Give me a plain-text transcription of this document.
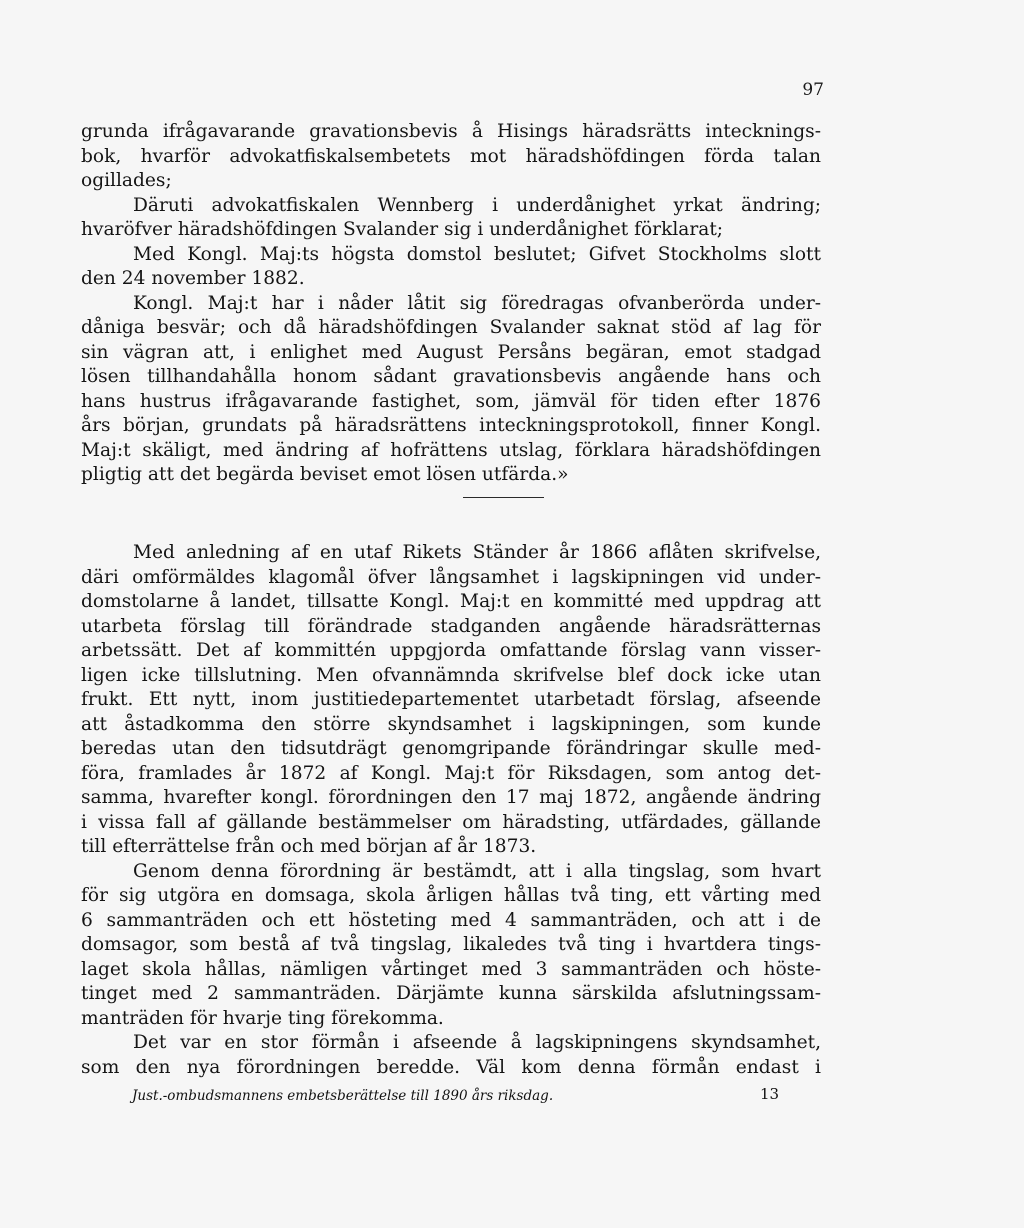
97
grunda ifrågavarande gravationsbevis å Hisings häradsrätts intecknings-
bok, hvarför advokatfiskalsembetets mot häradshöfdingen förda talan
ogillades;
Däruti advokatfiskalen Wennberg i underdånighet yrkat ändring;
hvaröfver häradshöfdingen Svalander sig i underdånighet förklarat;
Med Kongl. Maj:ts högsta domstol beslutet; Gifvet Stockholms slott
den 24 november 1882.
Kongl. Maj:t har i nåder låtit sig föredragas ofvanberörda under-
dåniga besvär; och då häradshöfdingen Svalander saknat stöd af lag för
sin vägran att, i enlighet med August Persåns begäran, emot stadgad
lösen tillhandahålla honom sådant gravationsbevis angående hans och
hans hustrus ifrågavarande fastighet, som, jämväl för tiden efter 1876
års början, grundats på häradsrättens inteckningsprotokoll, finner Kongl.
Maj:t skäligt, med ändring af hofrättens utslag, förklara häradshöfdingen
pligtig att det begärda beviset emot lösen utfärda.»
Med anledning af en utaf Rikets Ständer år 1866 aflåten skrifvelse,
däri omförmäldes klagomål öfver långsamhet i lagskipningen vid under-
domstolarne å landet, tillsatte Kongl. Maj:t en kommitté med uppdrag att
utarbeta förslag till förändrade stadganden angående häradsrätternas
arbetssätt. Det af kommittén uppgjorda omfattande förslag vann visser-
ligen icke tillslutning. Men ofvannämnda skrifvelse blef dock icke utan
frukt. Ett nytt, inom justitiedepartementet utarbetadt förslag, afseende
att åstadkomma den större skyndsamhet i lagskipningen, som kunde
beredas utan den tidsutdrägt genomgripande förändringar skulle med-
föra, framlades år 1872 af Kongl. Maj:t för Riksdagen, som antog det-
samma, hvarefter kongl. förordningen den 17 maj 1872, angående ändring
i vissa fall af gällande bestämmelser om häradsting, utfärdades, gällande
till efterrättelse från och med början af år 1873.
Genom denna förordning är bestämdt, att i alla tingslag, som hvart
för sig utgöra en domsaga, skola årligen hållas två ting, ett vårting med
6 sammanträden och ett hösteting med 4 sammanträden, och att i de
domsagor, som bestå af två tingslag, likaledes två ting i hvartdera tings-
laget skola hållas, nämligen vårtinget med 3 sammanträden och höste-
tinget med 2 sammanträden. Därjämte kunna särskilda afslutningssam-
manträden för hvarje ting förekomma.
Det var en stor förmån i afseende å lagskipningens skyndsamhet,
som den nya förordningen beredde. Väl kom denna förmån endast i
Just.-ombudsmannens embetsberättelse till 1890 års riksdag.	13
